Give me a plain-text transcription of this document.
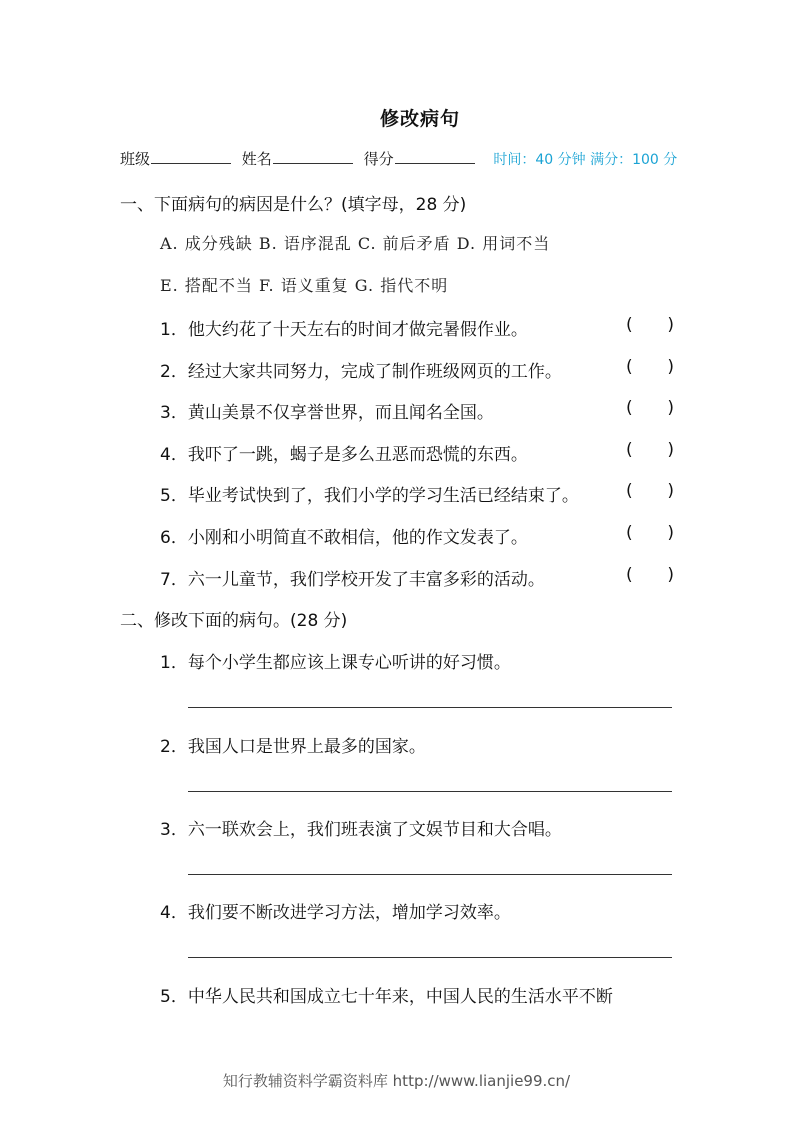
修改病句
班级	姓名	得分	时间：40 分钟 满分：100 分
一、下面病句的病因是什么？(填字母，28 分)
A. 成分残缺 B. 语序混乱 C. 前后矛盾 D. 用词不当
E. 搭配不当 F. 语义重复 G. 指代不明
1．他大约花了十天左右的时间才做完暑假作业。	( )
2．经过大家共同努力，完成了制作班级网页的工作。	( )
3．黄山美景不仅享誉世界，而且闻名全国。	( )
4．我吓了一跳，蝎子是多么丑恶而恐慌的东西。	( )
5．毕业考试快到了，我们小学的学习生活已经结束了。	( )
6．小刚和小明简直不敢相信，他的作文发表了。	( )
7．六一儿童节，我们学校开发了丰富多彩的活动。	( )
二、修改下面的病句。(28 分)
1．每个小学生都应该上课专心听讲的好习惯。
2．我国人口是世界上最多的国家。
3．六一联欢会上，我们班表演了文娱节目和大合唱。
4．我们要不断改进学习方法，增加学习效率。
5．中华人民共和国成立七十年来，中国人民的生活水平不断
知行教辅资料学霸资料库 http://www.lianjie99.cn/
